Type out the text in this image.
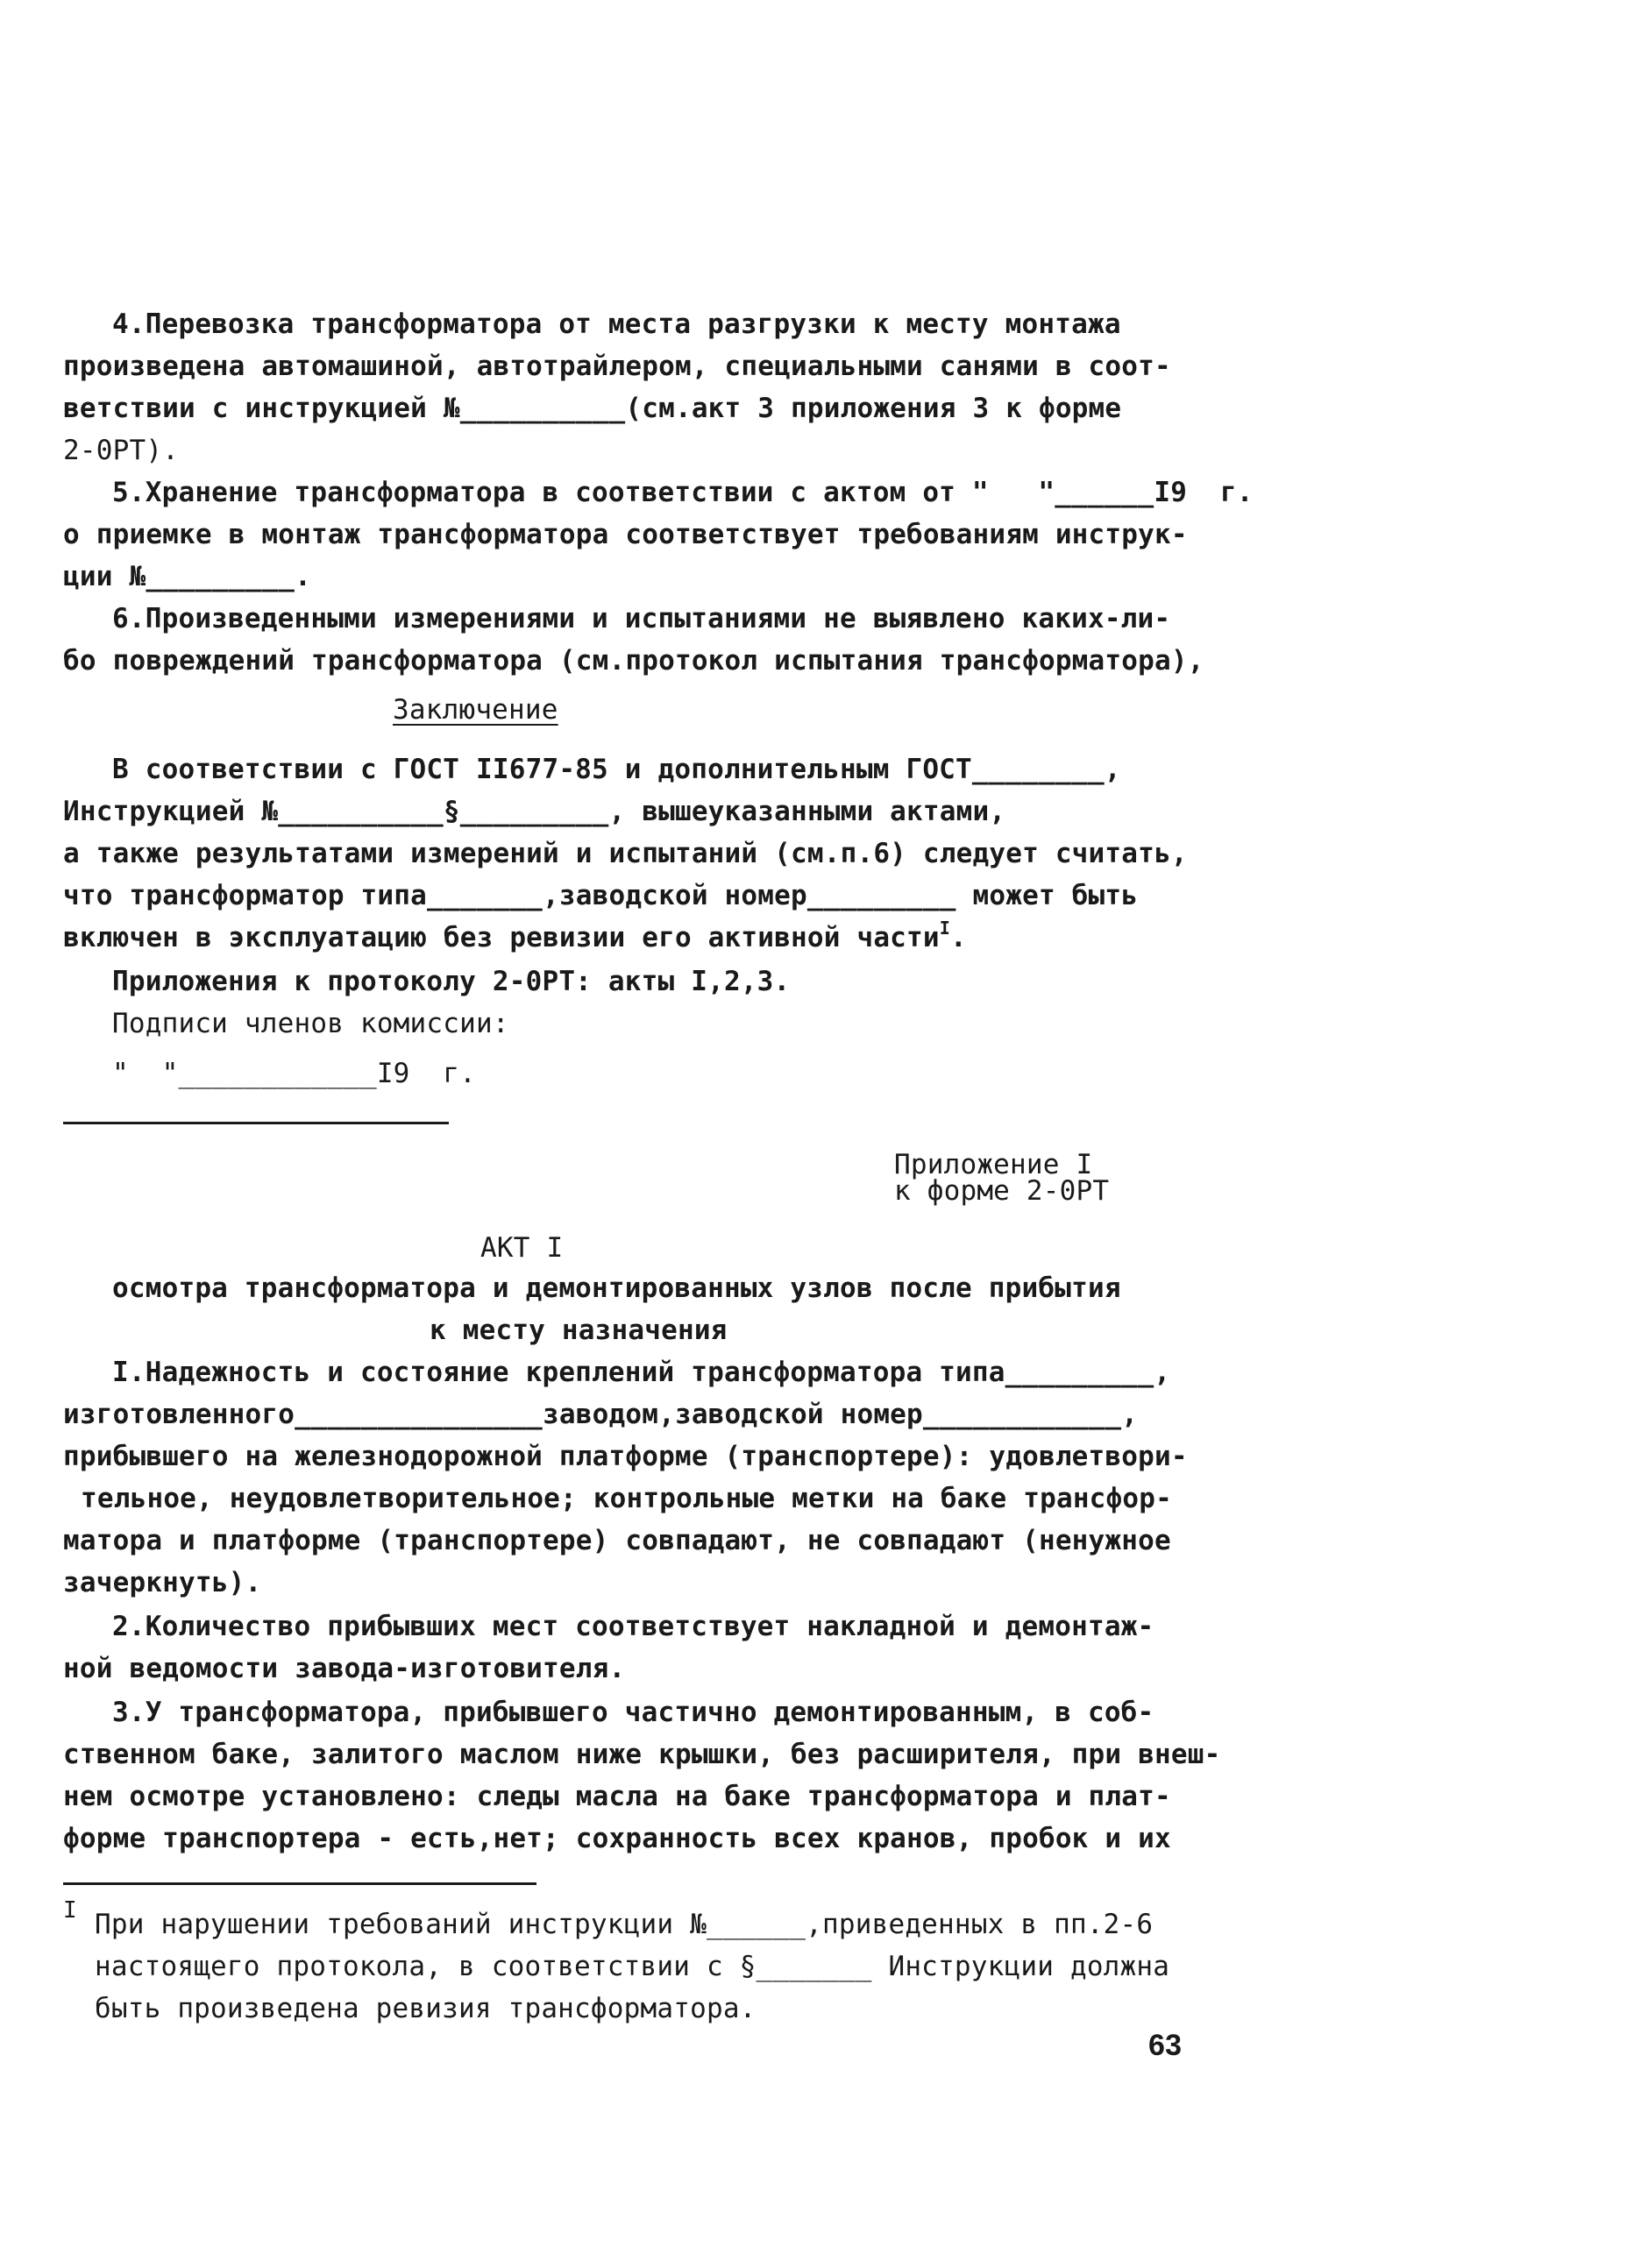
4.Перевозка трансформатора от места разгрузки к месту монтажа
произведена автомашиной, автотрайлером, специальными санями в соот-
ветствии с инструкцией №__________(см.акт 3 приложения 3 к форме
2-0РТ).
5.Хранение трансформатора в соответствии с актом от "   "______I9  г.
о приемке в монтаж трансформатора соответствует требованиям инструк-
ции №_________.
6.Произведенными измерениями и испытаниями не выявлено каких-ли-
бо повреждений трансформатора (см.протокол испытания трансформатора),
Заключение
В соответствии с ГОСТ II677-85 и дополнительным ГОСТ________,
Инструкцией №__________§_________, вышеуказанными актами,
а также результатами измерений и испытаний (см.п.6) следует считать,
что трансформатор типа_______,заводской номер_________ может быть
включен в эксплуатацию без ревизии его активной части$^I$.
Приложения к протоколу 2-0РТ: акты I,2,3.
Подписи членов комиссии:
"  "____________I9  г.
Приложение I
к форме 2-0РТ
АКТ I
осмотра трансформатора и демонтированных узлов после прибытия
к месту назначения
I.Надежность и состояние креплений трансформатора типа_________,
изготовленного_______________заводом,заводской номер____________,
прибывшего на железнодорожной платформе (транспортере): удовлетвори-
тельное, неудовлетворительное; контрольные метки на баке трансфор-
матора и платформе (транспортере) совпадают, не совпадают (ненужное
зачеркнуть).
2.Количество прибывших мест соответствует накладной и демонтаж-
ной ведомости завода-изготовителя.
3.У трансформатора, прибывшего частично демонтированным, в соб-
ственном баке, залитого маслом ниже крышки, без расширителя, при внеш-
нем осмотре установлено: следы масла на баке трансформатора и плат-
форме транспортера - есть,нет; сохранность всех кранов, пробок и их
I При нарушении требований инструкции №______,приведенных в пп.2-6
настоящего протокола, в соответствии с §_______ Инструкции должна
быть произведена ревизия трансформатора.
63
